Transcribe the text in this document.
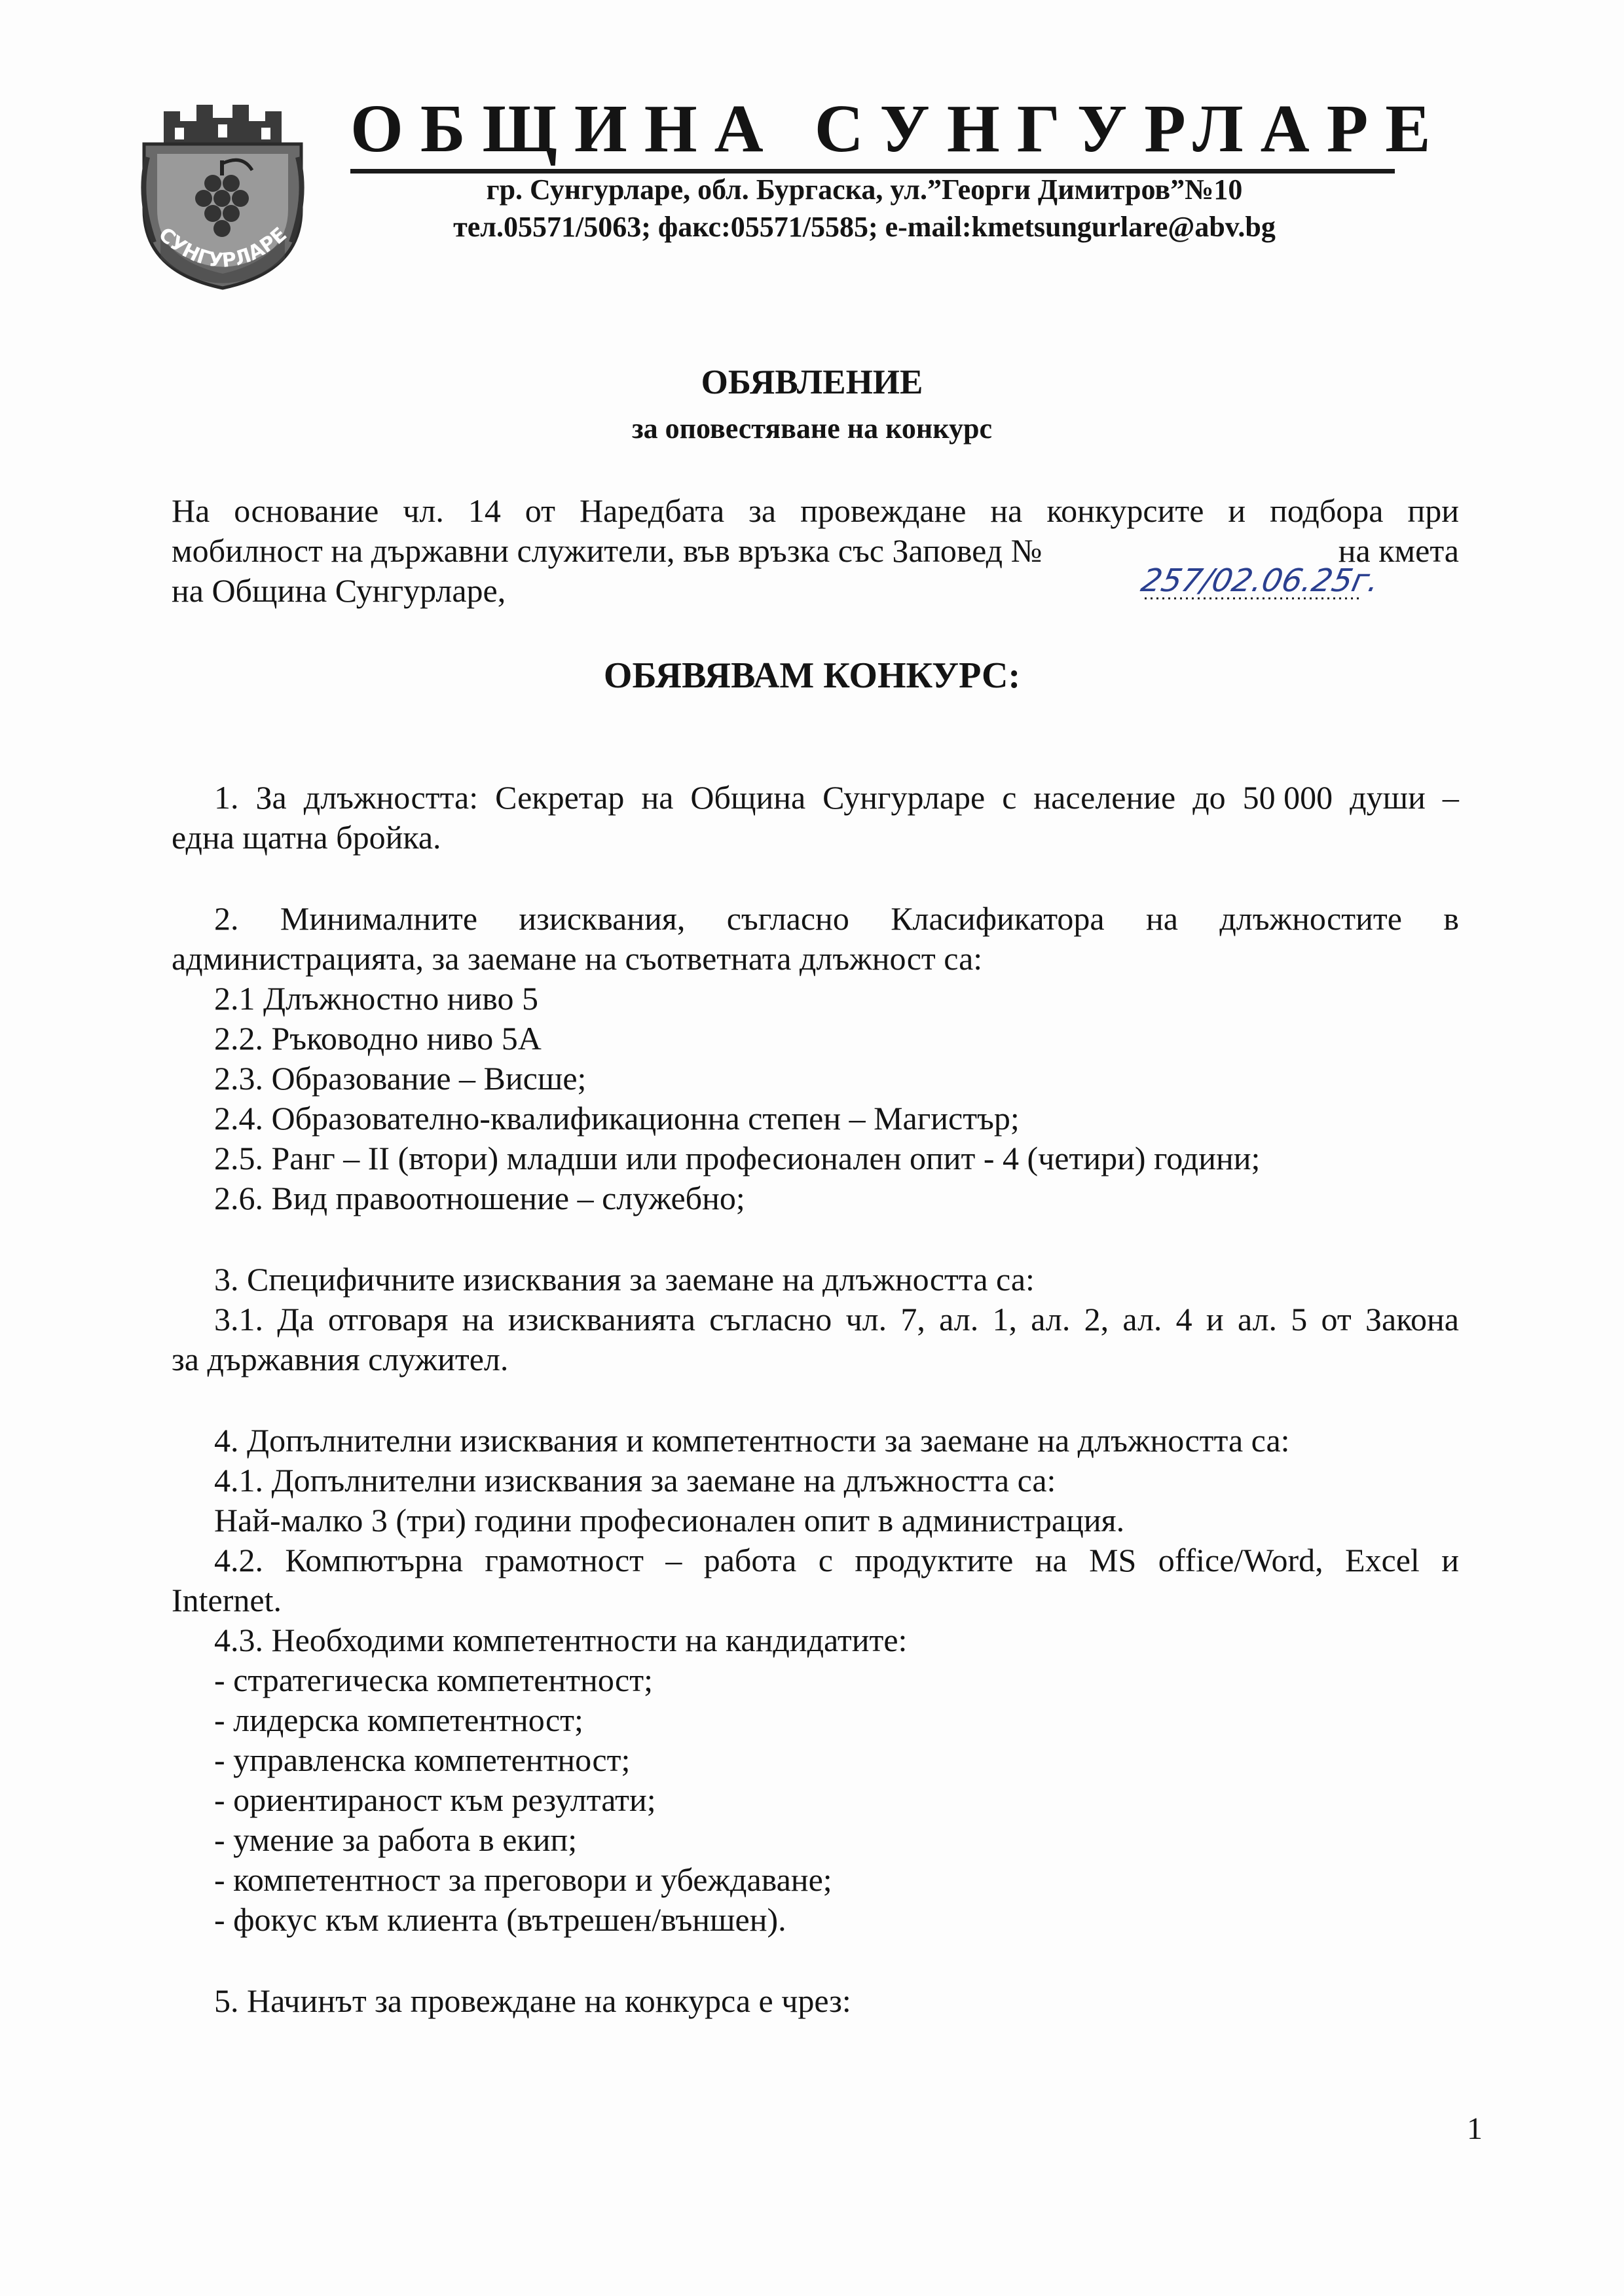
СУНГУРЛАРЕ
ОБЩИНА СУНГУРЛАРЕ
гр. Сунгурларе, обл. Бургаска, ул.”Георги Димитров”№10
тел.05571/5063; факс:05571/5585; e-mail:kmetsungurlare@abv.bg
ОБЯВЛЕНИЕ
за оповестяване на конкурс
На основание чл. 14 от Наредбата за провеждане на конкурсите и подбора при
мобилност на държавни служители, във връзка със Заповед №	на кмета
257/02.06.25г.
на Община Сунгурларе,
ОБЯВЯВАМ КОНКУРС:
1. За длъжността: Секретар на Община Сунгурларе с население до 50 000 души –
една щатна бройка.
2. Минималните изисквания, съгласно Класификатора на длъжностите в
администрацията, за заемане на съответната длъжност са:
2.1 Длъжностно ниво 5
2.2. Ръководно ниво 5А
2.3. Образование – Висше;
2.4. Образователно-квалификационна степен – Магистър;
2.5. Ранг – II (втори) младши или професионален опит - 4 (четири) години;
2.6. Вид правоотношение – служебно;
3. Специфичните изисквания за заемане на длъжността са:
3.1. Да отговаря на изискванията съгласно чл. 7, ал. 1, ал. 2, ал. 4 и ал. 5 от Закона
за държавния служител.
4. Допълнителни изисквания и компетентности за заемане на длъжността са:
4.1. Допълнителни изисквания за заемане на длъжността са:
Най-малко 3 (три) години професионален опит в администрация.
4.2. Компютърна грамотност – работа с продуктите на MS office/Word, Excel и
Internet.
4.3. Необходими компетентности на кандидатите:
- стратегическа компетентност;
- лидерска компетентност;
- управленска компетентност;
- ориентираност към резултати;
- умение за работа в екип;
- компетентност за преговори и убеждаване;
- фокус към клиента (вътрешен/външен).
5. Начинът за провеждане на конкурса е чрез:
1
